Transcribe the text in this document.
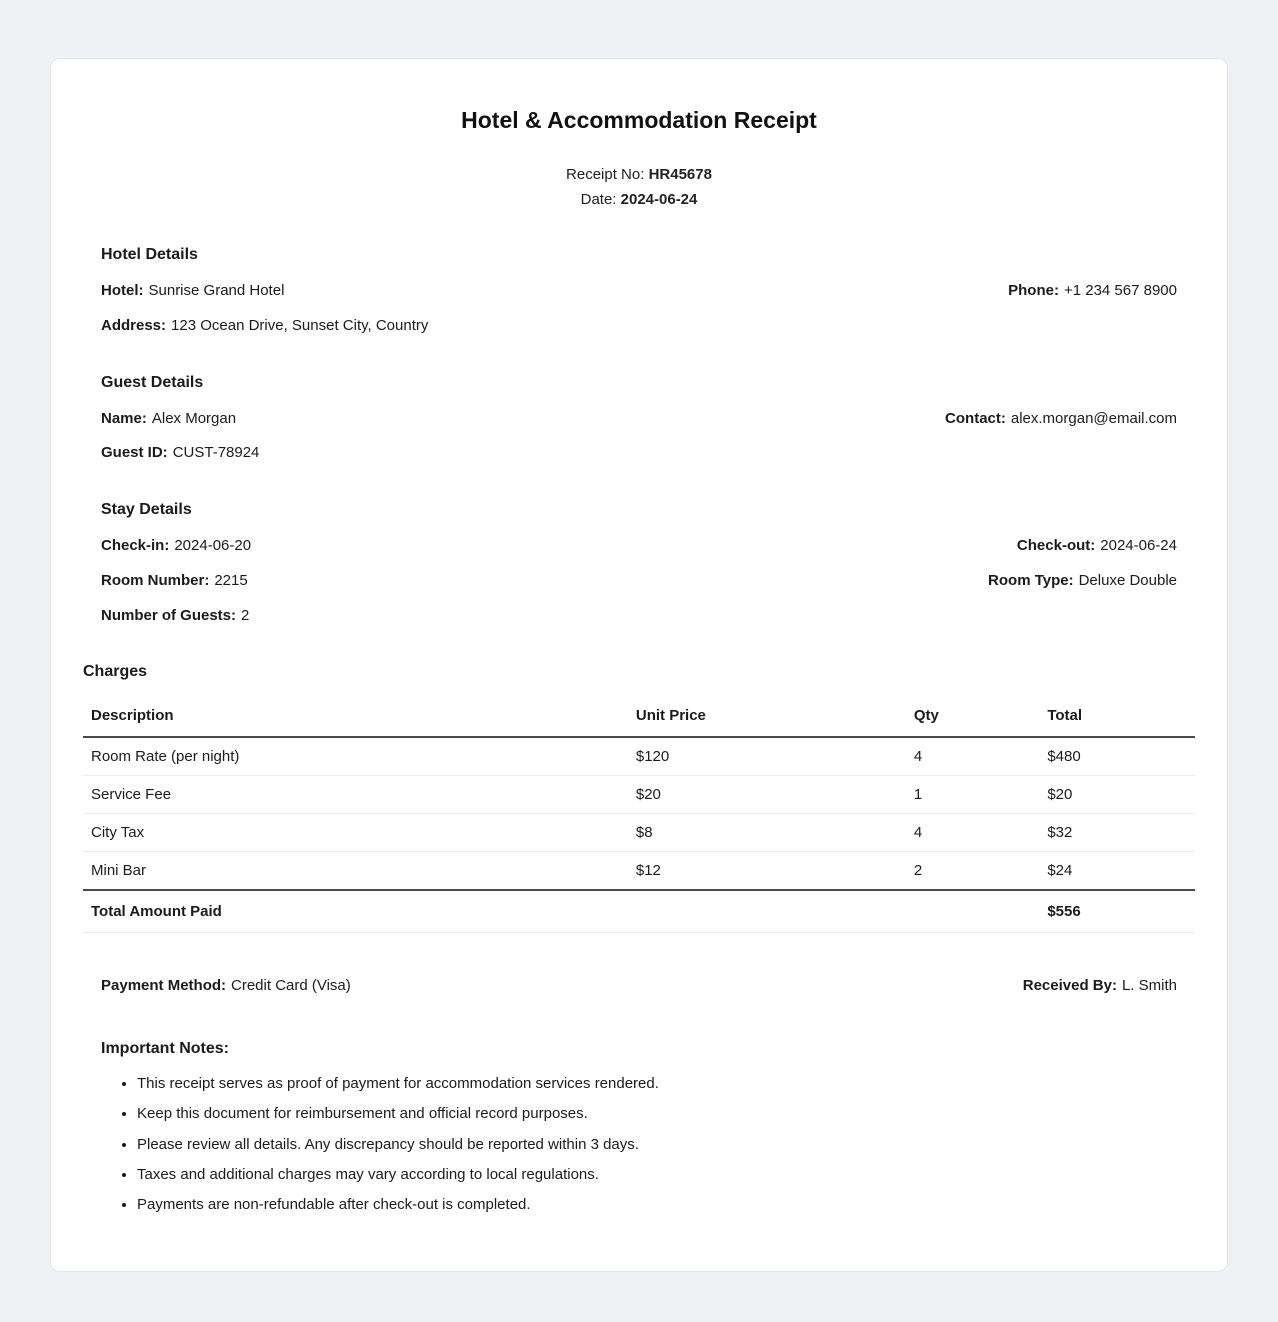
Hotel & Accommodation Receipt
Receipt No: HR45678
Date: 2024-06-24
Hotel Details
Hotel: Sunrise Grand Hotel	Phone: +1 234 567 8900
Address: 123 Ocean Drive, Sunset City, Country
Guest Details
Name: Alex Morgan	Contact: alex.morgan@email.com
Guest ID: CUST-78924
Stay Details
Check-in: 2024-06-20	Check-out: 2024-06-24
Room Number: 2215	Room Type: Deluxe Double
Number of Guests: 2
Charges
Description	Unit Price	Qty	Total
Room Rate (per night)	$120	4	$480
Service Fee	$20	1	$20
City Tax	$8	4	$32
Mini Bar	$12	2	$24
Total Amount Paid			$556
Payment Method: Credit Card (Visa)	Received By: L. Smith
Important Notes:
• This receipt serves as proof of payment for accommodation services rendered.
• Keep this document for reimbursement and official record purposes.
• Please review all details. Any discrepancy should be reported within 3 days.
• Taxes and additional charges may vary according to local regulations.
• Payments are non-refundable after check-out is completed.
